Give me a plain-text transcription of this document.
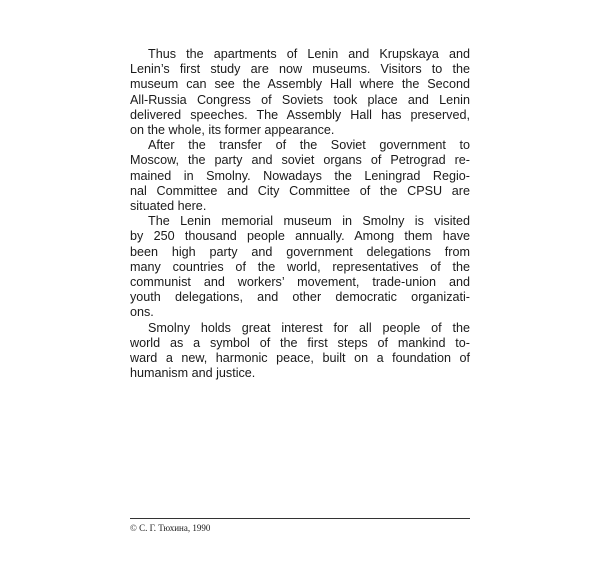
Thus the apartments of Lenin and Krupskaya and
Lenin’s first study are now museums. Visitors to the
museum can see the Assembly Hall where the Second
All-Russia Congress of Soviets took place and Lenin
delivered speeches. The Assembly Hall has preserved,
on the whole, its former appearance.
After the transfer of the Soviet government to
Moscow, the party and soviet organs of Petrograd re-
mained in Smolny. Nowadays the Leningrad Regio-
nal Committee and City Committee of the CPSU are
situated here.
The Lenin memorial museum in Smolny is visited
by 250 thousand people annually. Among them have
been high party and government delegations from
many countries of the world, representatives of the
communist and workers’ movement, trade-union and
youth delegations, and other democratic organizati-
ons.
Smolny holds great interest for all people of the
world as a symbol of the first steps of mankind to-
ward a new, harmonic peace, built on a foundation of
humanism and justice.
© С. Г. Тюхина, 1990
